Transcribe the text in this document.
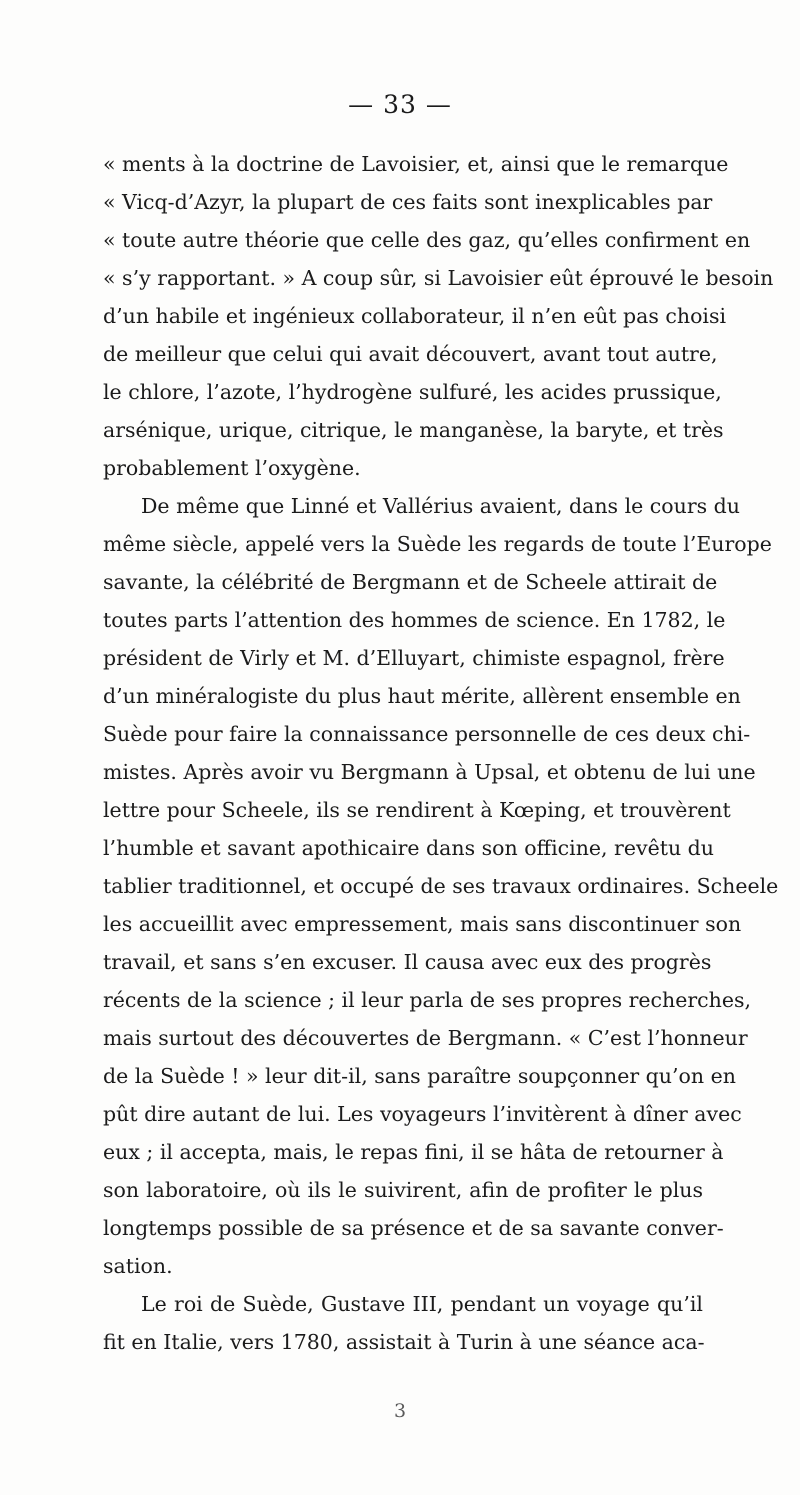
— 33 —
« ments à la doctrine de Lavoisier, et, ainsi que le remarque
« Vicq-d’Azyr, la plupart de ces faits sont inexplicables par
« toute autre théorie que celle des gaz, qu’elles confirment en
« s’y rapportant. » A coup sûr, si Lavoisier eût éprouvé le besoin
d’un habile et ingénieux collaborateur, il n’en eût pas choisi
de meilleur que celui qui avait découvert, avant tout autre,
le chlore, l’azote, l’hydrogène sulfuré, les acides prussique,
arsénique, urique, citrique, le manganèse, la baryte, et très
probablement l’oxygène.
De même que Linné et Vallérius avaient, dans le cours du
même siècle, appelé vers la Suède les regards de toute l’Europe
savante, la célébrité de Bergmann et de Scheele attirait de
toutes parts l’attention des hommes de science. En 1782, le
président de Virly et M. d’Elluyart, chimiste espagnol, frère
d’un minéralogiste du plus haut mérite, allèrent ensemble en
Suède pour faire la connaissance personnelle de ces deux chi-
mistes. Après avoir vu Bergmann à Upsal, et obtenu de lui une
lettre pour Scheele, ils se rendirent à Kœping, et trouvèrent
l’humble et savant apothicaire dans son officine, revêtu du
tablier traditionnel, et occupé de ses travaux ordinaires. Scheele
les accueillit avec empressement, mais sans discontinuer son
travail, et sans s’en excuser. Il causa avec eux des progrès
récents de la science ; il leur parla de ses propres recherches,
mais surtout des découvertes de Bergmann. « C’est l’honneur
de la Suède ! » leur dit-il, sans paraître soupçonner qu’on en
pût dire autant de lui. Les voyageurs l’invitèrent à dîner avec
eux ; il accepta, mais, le repas fini, il se hâta de retourner à
son laboratoire, où ils le suivirent, afin de profiter le plus
longtemps possible de sa présence et de sa savante conver-
sation.
Le roi de Suède, Gustave III, pendant un voyage qu’il
fit en Italie, vers 1780, assistait à Turin à une séance aca-
3
